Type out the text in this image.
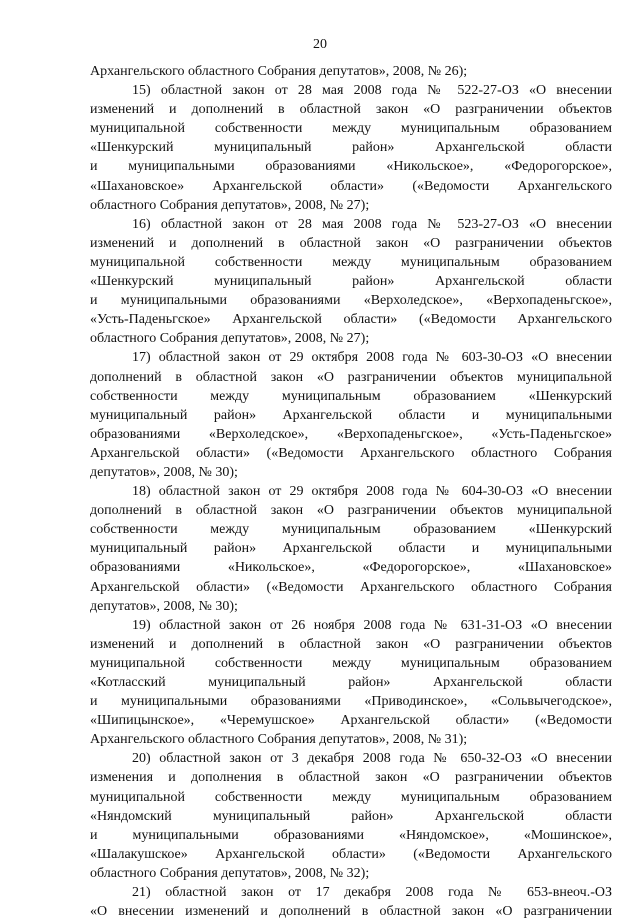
20
Архангельского областного Собрания депутатов», 2008, № 26);
15) областной закон от 28 мая 2008 года № 522-27-ОЗ «О внесении
изменений и дополнений в областной закон «О разграничении объектов
муниципальной собственности между муниципальным образованием
«Шенкурский муниципальный район» Архангельской области
и муниципальными образованиями «Никольское», «Федорогорское»,
«Шахановское» Архангельской области» («Ведомости Архангельского
областного Собрания депутатов», 2008, № 27);
16) областной закон от 28 мая 2008 года № 523-27-ОЗ «О внесении
изменений и дополнений в областной закон «О разграничении объектов
муниципальной собственности между муниципальным образованием
«Шенкурский муниципальный район» Архангельской области
и муниципальными образованиями «Верхоледское», «Верхопаденьгское»,
«Усть-Паденьгское» Архангельской области» («Ведомости Архангельского
областного Собрания депутатов», 2008, № 27);
17) областной закон от 29 октября 2008 года № 603-30-ОЗ «О внесении
дополнений в областной закон «О разграничении объектов муниципальной
собственности между муниципальным образованием «Шенкурский
муниципальный район» Архангельской области и муниципальными
образованиями «Верхоледское», «Верхопаденьгское», «Усть-Паденьгское»
Архангельской области» («Ведомости Архангельского областного Собрания
депутатов», 2008, № 30);
18) областной закон от 29 октября 2008 года № 604-30-ОЗ «О внесении
дополнений в областной закон «О разграничении объектов муниципальной
собственности между муниципальным образованием «Шенкурский
муниципальный район» Архангельской области и муниципальными
образованиями «Никольское», «Федорогорское», «Шахановское»
Архангельской области» («Ведомости Архангельского областного Собрания
депутатов», 2008, № 30);
19) областной закон от 26 ноября 2008 года № 631-31-ОЗ «О внесении
изменений и дополнений в областной закон «О разграничении объектов
муниципальной собственности между муниципальным образованием
«Котласский муниципальный район» Архангельской области
и муниципальными образованиями «Приводинское», «Сольвычегодское»,
«Шипицынское», «Черемушское» Архангельской области» («Ведомости
Архангельского областного Собрания депутатов», 2008, № 31);
20) областной закон от 3 декабря 2008 года № 650-32-ОЗ «О внесении
изменения и дополнения в областной закон «О разграничении объектов
муниципальной собственности между муниципальным образованием
«Няндомский муниципальный район» Архангельской области
и муниципальными образованиями «Няндомское», «Мошинское»,
«Шалакушское» Архангельской области» («Ведомости Архангельского
областного Собрания депутатов», 2008, № 32);
21) областной закон от 17 декабря 2008 года № 653-внеоч.-ОЗ
«О внесении изменений и дополнений в областной закон «О разграничении
